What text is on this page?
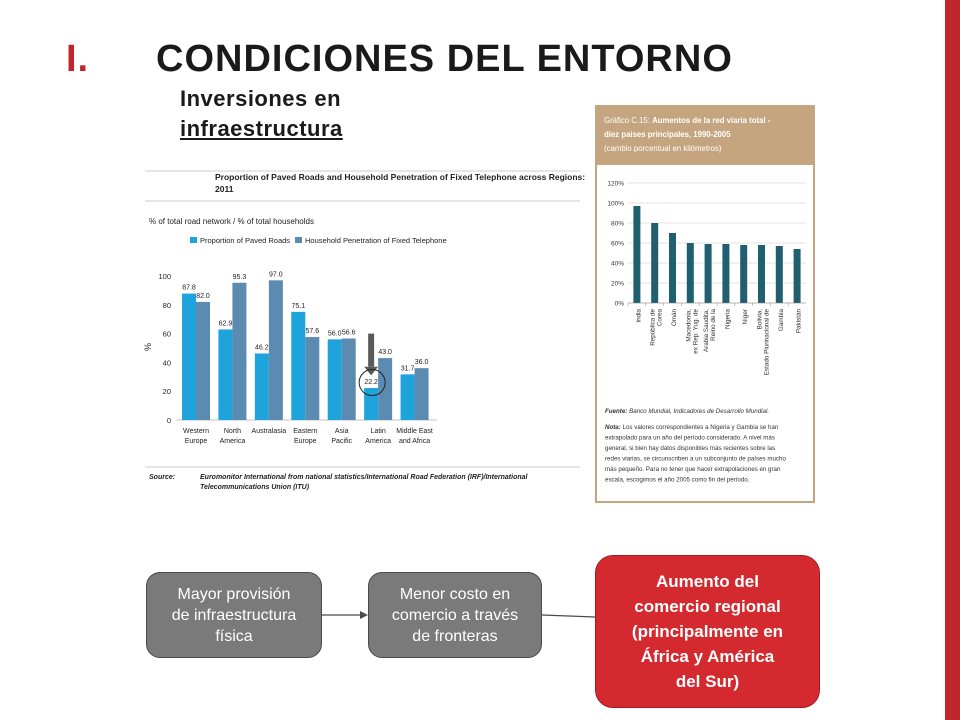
I. CONDICIONES DEL ENTORNO
Inversiones en
infraestructura
Proportion of Paved Roads and Household Penetration of Fixed Telephone across Regions:
2011
% of total road network / % of total households
Proportion of Paved Roads Household Penetration of Fixed Telephone
%
0
20
40
60
80
100
87.8
82.0
Western Europe
62.9
95.3
North America
46.2
97.0
Australasia
75.1
57.6
Eastern Europe
56.0 56.6
Asia Pacific
22.2
43.0
Latin America
31.7
36.0
Middle East and Africa
Source:	Euromonitor International from national statistics/International Road Federation (IRF)/International
Telecommunications Union (ITU)
Gráfico C.15: Aumentos de la red viaria total -
diez países principales, 1990-2005
(cambio porcentual en kilómetros)
0%
20%
40%
60%
80%
100%
120%
India República deCorea Omán Macedonia,ex Rep. Yug. de Arabia Saudita,Reino de la Nigeria Níger Bolivia,Estado Plurinacional de Gambia Pakistán
Fuente: Banco Mundial, Indicadores de Desarrollo Mundial.
Nota: Los valores correspondientes a Nigeria y Gambia se han
extrapolado para un año del período considerado. A nivel más
general, si bien hay datos disponibles más recientes sobre las
redes viarias, se circunscriben a un subconjunto de países mucho
más pequeño. Para no tener que hacer extrapolaciones en gran
escala, escogimos el año 2005 como fin del período.
Mayor provisión
de infraestructura
física
Menor costo en
comercio a través
de fronteras
Aumento del
comercio regional
(principalmente en
África y América
del Sur)
